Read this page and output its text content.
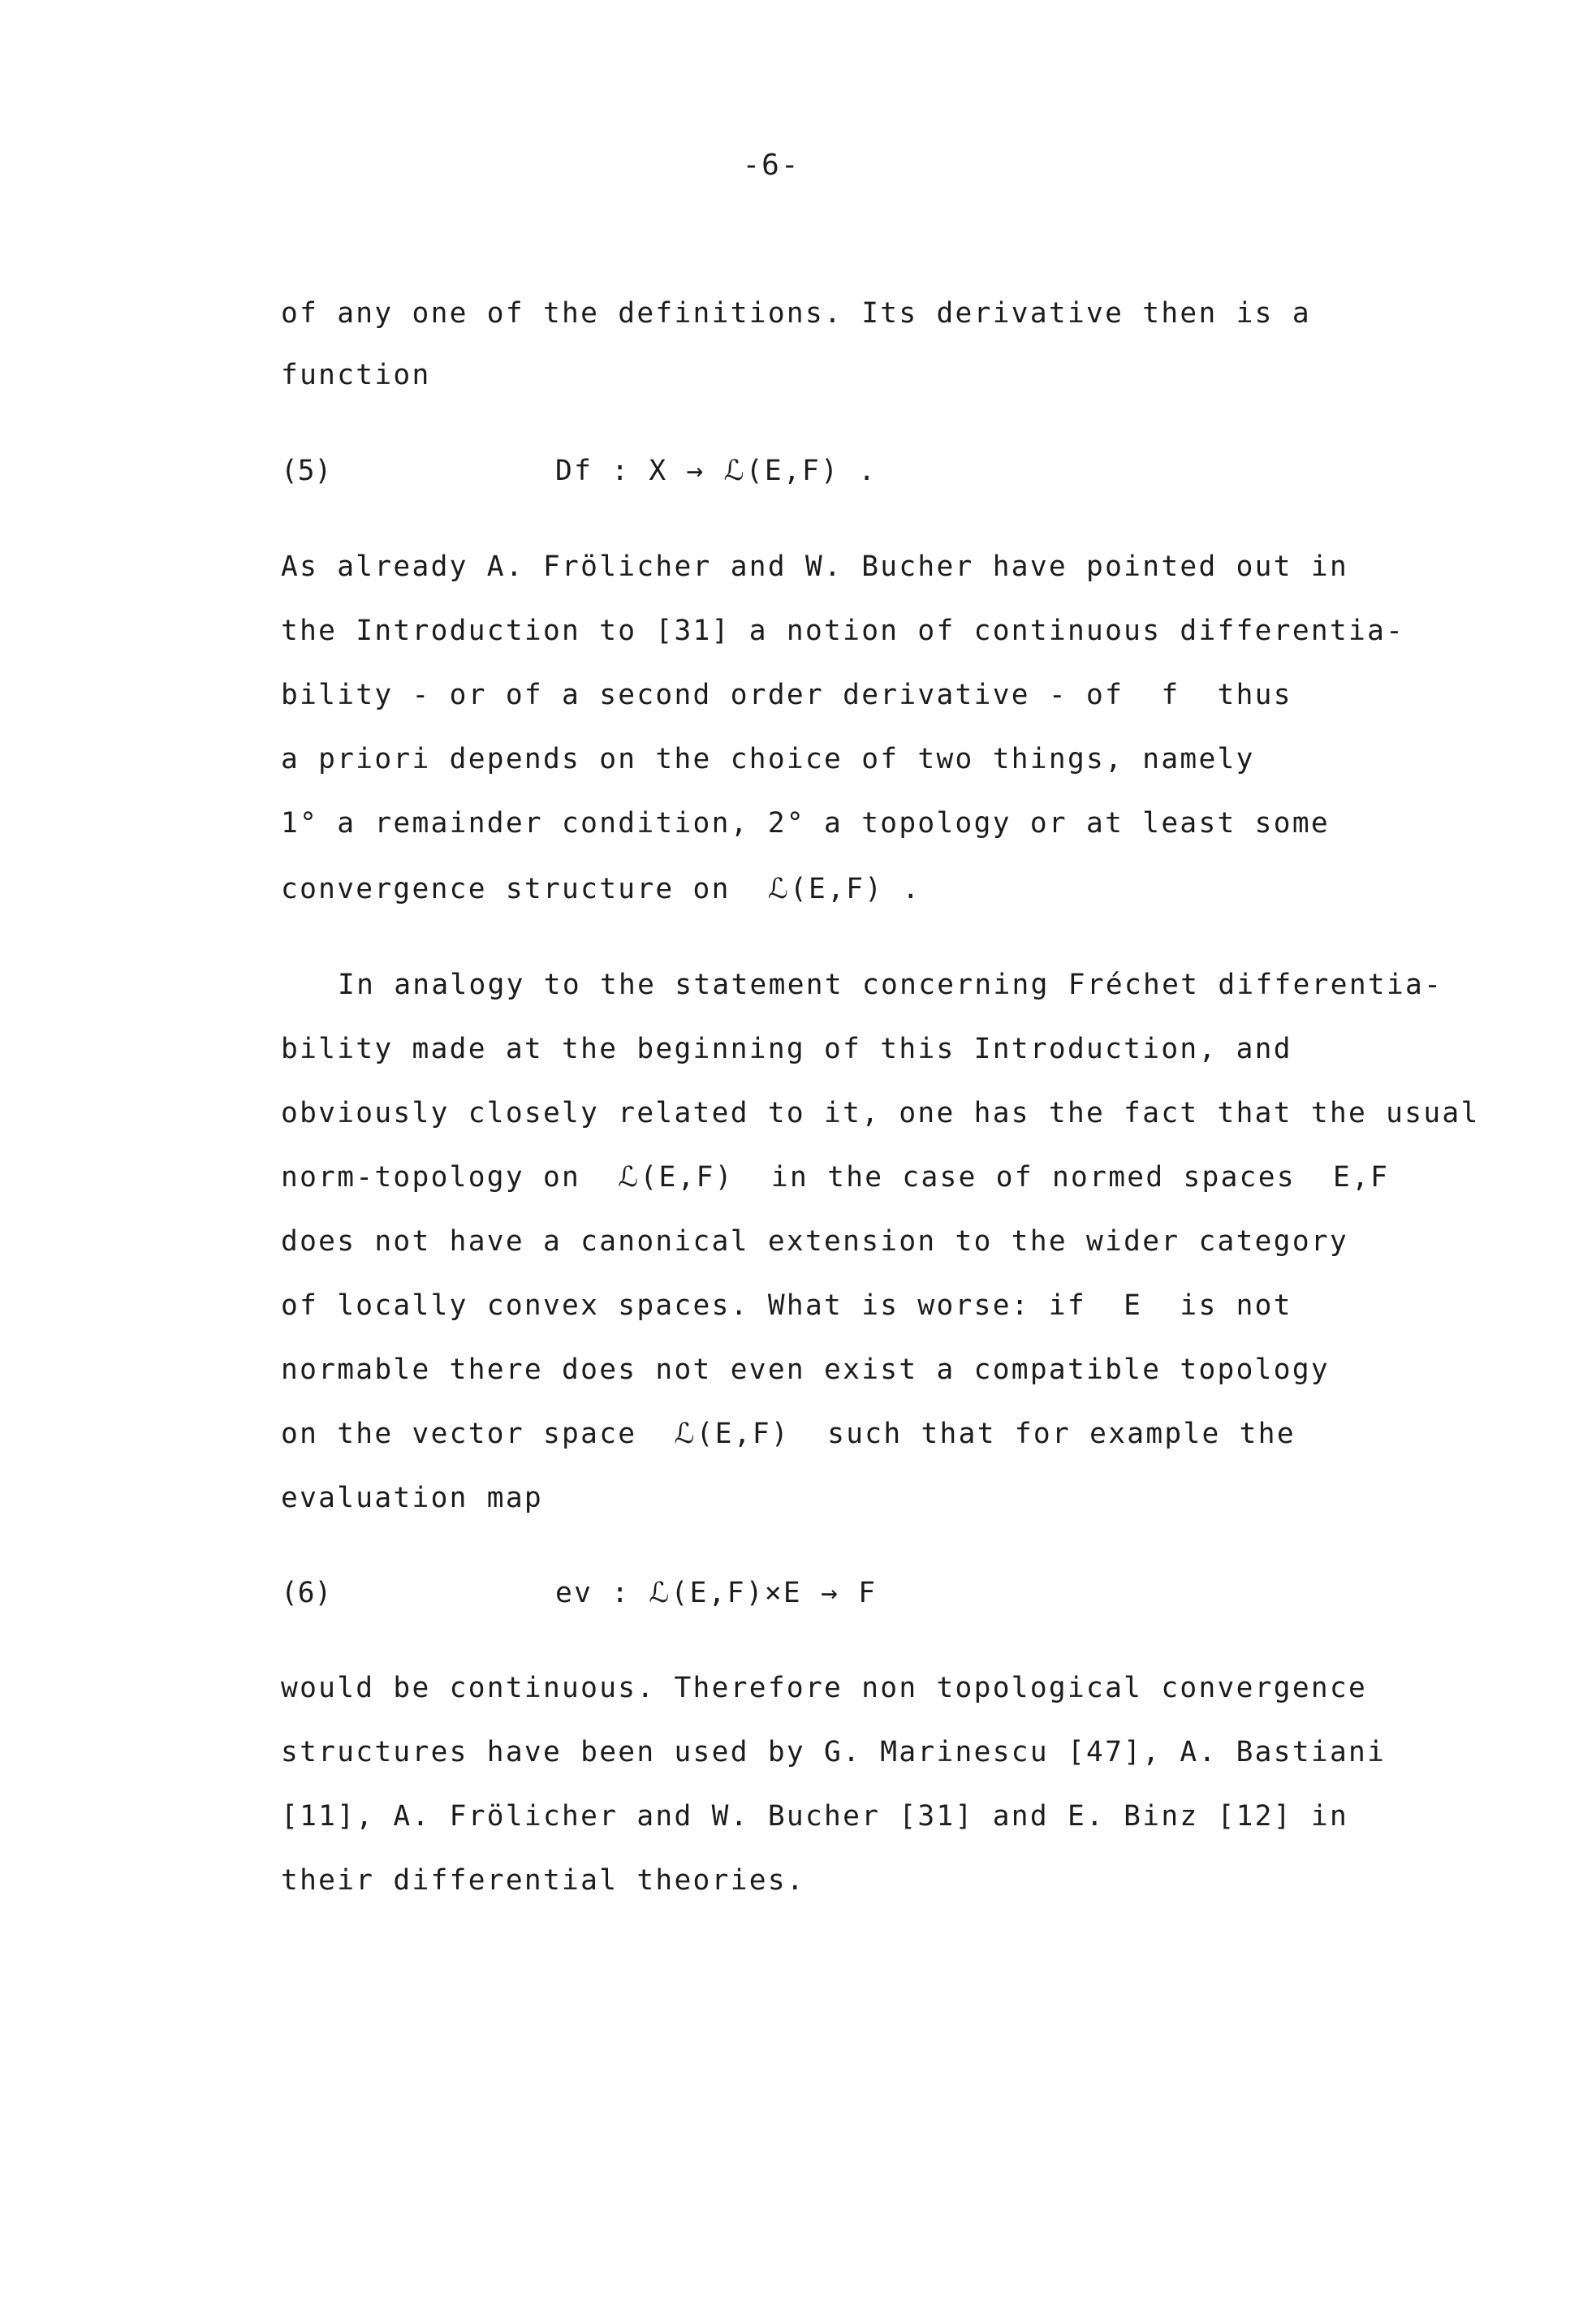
-6-
of any one of the definitions. Its derivative then is a
function
(5)	Df : X → ℒ(E,F) .
As already A. Frölicher and W. Bucher have pointed out in
the Introduction to [31] a notion of continuous differentia-
bility - or of a second order derivative - of  f  thus
a priori depends on the choice of two things, namely
1° a remainder condition, 2° a topology or at least some
convergence structure on  ℒ(E,F) .
In analogy to the statement concerning Fréchet differentia-
bility made at the beginning of this Introduction, and
obviously closely related to it, one has the fact that the usual
norm-topology on  ℒ(E,F)  in the case of normed spaces  E,F
does not have a canonical extension to the wider category
of locally convex spaces. What is worse: if  E  is not
normable there does not even exist a compatible topology
on the vector space  ℒ(E,F)  such that for example the
evaluation map
(6)	ev : ℒ(E,F)×E → F
would be continuous. Therefore non topological convergence
structures have been used by G. Marinescu [47], A. Bastiani
[11], A. Frölicher and W. Bucher [31] and E. Binz [12] in
their differential theories.
